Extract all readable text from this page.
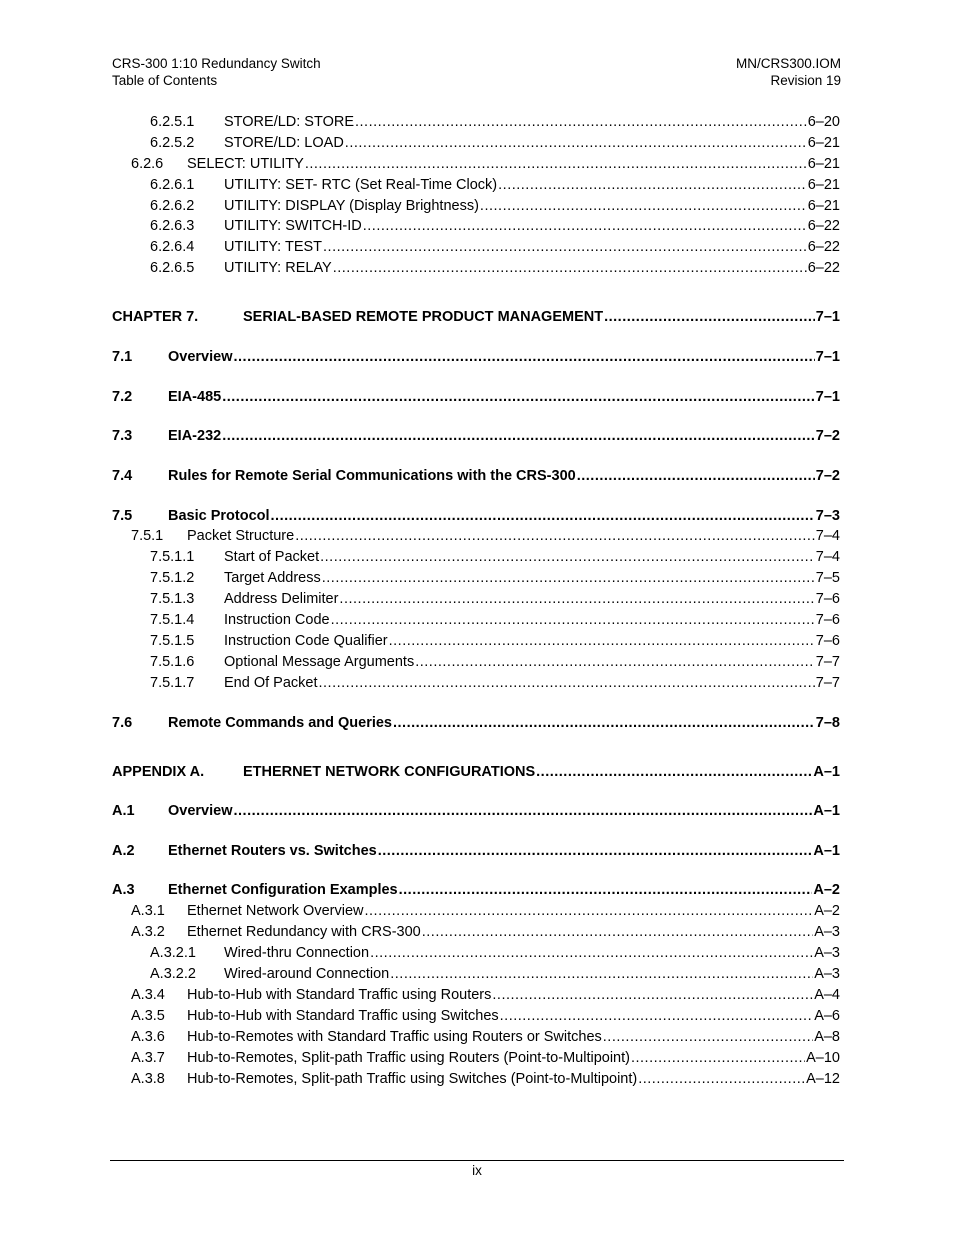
CRS-300 1:10 Redundancy Switch
Table of Contents
MN/CRS300.IOM
Revision 19
6.2.5.1 STORE/LD: STORE .....	6–20
6.2.5.2 STORE/LD: LOAD .....	6–21
6.2.6 SELECT: UTILITY .....	6–21
6.2.6.1 UTILITY: SET- RTC (Set Real-Time Clock) .....	6–21
6.2.6.2 UTILITY: DISPLAY (Display Brightness) .....	6–21
6.2.6.3 UTILITY: SWITCH-ID .....	6–22
6.2.6.4 UTILITY: TEST .....	6–22
6.2.6.5 UTILITY: RELAY .....	6–22
CHAPTER 7.	SERIAL-BASED REMOTE PRODUCT MANAGEMENT .....	7–1
7.1 Overview .....	7–1
7.2 EIA-485 .....	7–1
7.3 EIA-232 .....	7–2
7.4 Rules for Remote Serial Communications with the CRS-300 .....	7–2
7.5 Basic Protocol .....	7–3
7.5.1 Packet Structure .....	7–4
7.5.1.1 Start of Packet .....	7–4
7.5.1.2 Target Address .....	7–5
7.5.1.3 Address Delimiter .....	7–6
7.5.1.4 Instruction Code .....	7–6
7.5.1.5 Instruction Code Qualifier .....	7–6
7.5.1.6 Optional Message Arguments .....	7–7
7.5.1.7 End Of Packet .....	7–7
7.6 Remote Commands and Queries .....	7–8
APPENDIX A.	ETHERNET NETWORK CONFIGURATIONS .....	A–1
A.1 Overview .....	A–1
A.2 Ethernet Routers vs. Switches .....	A–1
A.3 Ethernet Configuration Examples .....	A–2
A.3.1 Ethernet Network Overview .....	A–2
A.3.2 Ethernet Redundancy with CRS-300 .....	A–3
A.3.2.1 Wired-thru Connection .....	A–3
A.3.2.2 Wired-around Connection .....	A–3
A.3.4 Hub-to-Hub with Standard Traffic using Routers .....	A–4
A.3.5 Hub-to-Hub with Standard Traffic using Switches .....	A–6
A.3.6 Hub-to-Remotes with Standard Traffic using Routers or Switches .....	A–8
A.3.7 Hub-to-Remotes, Split-path Traffic using Routers (Point-to-Multipoint) .....	A–10
A.3.8 Hub-to-Remotes, Split-path Traffic using Switches (Point-to-Multipoint) .....	A–12
ix
